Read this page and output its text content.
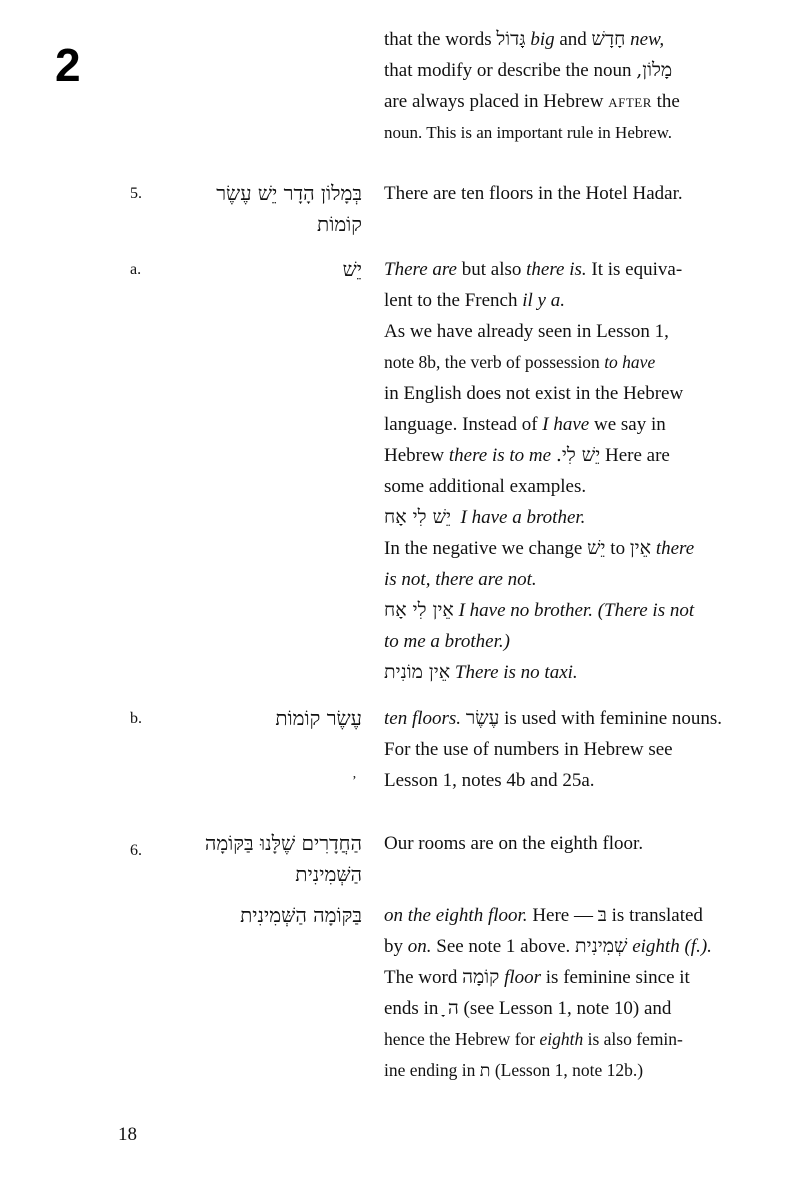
2	that the words גָּדוֹל big and חָדָשׁ new,

that modify or describe the noun מָלוֹן,

are always placed in Hebrew after the

noun. This is an important rule in Hebrew.

5.	בְּמָלוֹן הָדָר יֵשׁ עֶשֶׂר
קוֹמוֹת

There are ten floors in the Hotel Hadar.

a.	יֵשׁ There are but also there is. It is equiva-

lent to the French il y a.

As we have already seen in Lesson 1,

note 8b, the verb of possession to have

in English does not exist in the Hebrew

language. Instead of I have we say in

Hebrew there is to me יֵשׁ לִי. Here are

some additional examples.

יֵשׁ לִי אָח I have a brother.

In the negative we change יֵשׁ to אֵין there

is not, there are not.

אֵין לִי אָח I have no brother. (There is not

to me a brother.)

אֵין מוֹנִית There is no taxi.

b.	עֶשֶׂר קוֹמוֹת ten floors. עֶשֶׂר is used with feminine nouns.

For the use of numbers in Hebrew see

Lesson 1, notes 4b and 25a.

’
6.	הַחֲדָרִים שֶׁלָּנוּ בַּקּוֹמָה
הַשְּׁמִינִית

Our rooms are on the eighth floor.

בַּקּוֹמָה הַשְּׁמִינִית on the eighth floor. Here — בּ is translated

by on. See note 1 above. שְׁמִינִית eighth (f.).

The word קוֹמָה floor is feminine since it

ends in ה ָ (see Lesson 1, note 10) and

hence the Hebrew for eighth is also femin-

ine ending in ת (Lesson 1, note 12b.)

18
